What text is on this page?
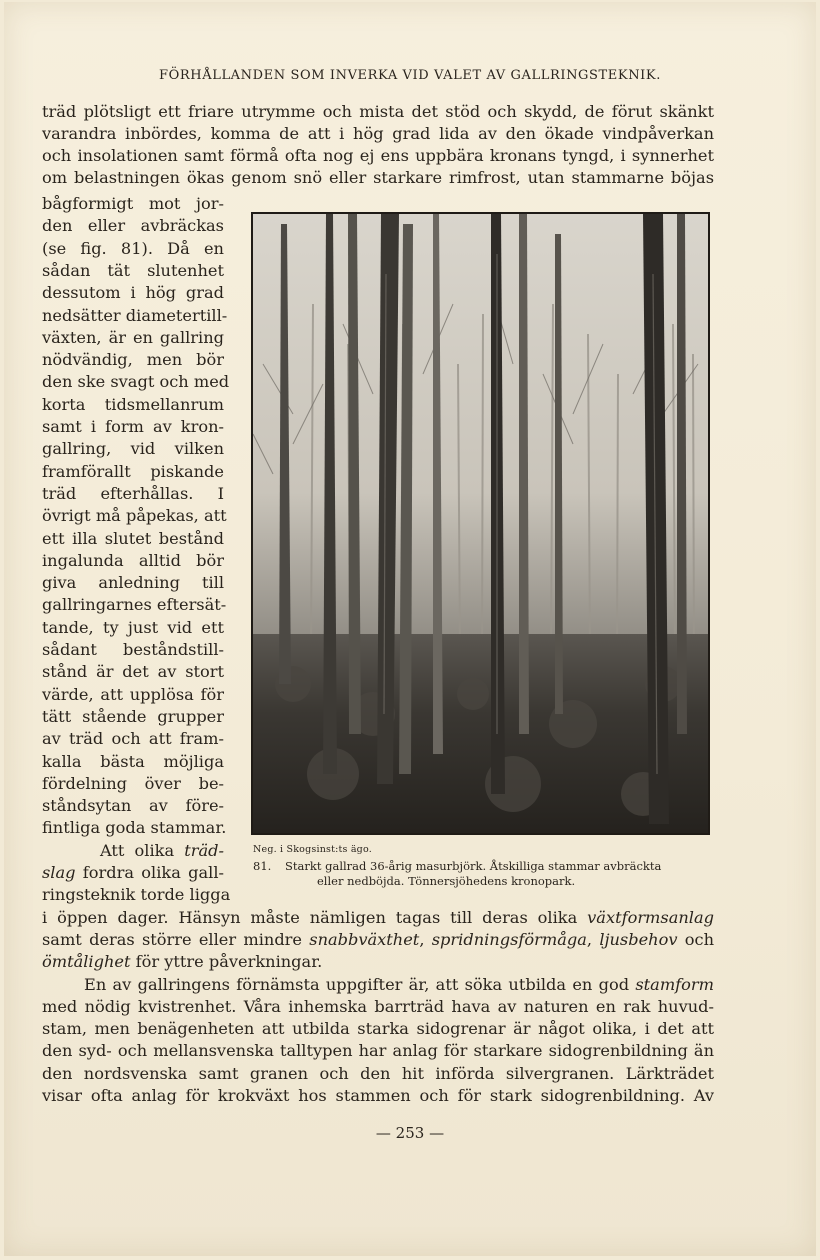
FÖRHÅLLANDEN SOM INVERKA VID VALET AV GALLRINGSTEKNIK.
träd plötsligt ett friare utrymme och mista det stöd och skydd, de förut skänkt
varandra inbördes, komma de att i hög grad lida av den ökade vindpåverkan
och insolationen samt förmå ofta nog ej ens uppbära kronans tyngd, i synnerhet
om belastningen ökas genom snö eller starkare rimfrost, utan stammarne böjas
bågformigt mot jor-
den eller avbräckas
(se fig. 81). Då en
sådan tät slutenhet
dessutom i hög grad
nedsätter diametertill-
växten, är en gallring
nödvändig, men bör
den ske svagt och med
korta tidsmellanrum
samt i form av kron-
gallring, vid vilken
framförallt piskande
träd efterhållas. I
övrigt må påpekas, att
ett illa slutet bestånd
ingalunda alltid bör
giva anledning till
gallringarnes eftersät-
tande, ty just vid ett
sådant beståndstill-
stånd är det av stort
värde, att upplösa för
tätt stående grupper
av träd och att fram-
kalla bästa möjliga
fördelning över be-
ståndsytan av före-
fintliga goda stammar.
Att olika träd-
slag fordra olika gall-
ringsteknik torde ligga
Neg. i Skogsinst:ts ägo.
81. Starkt gallrad 36-årig masurbjörk. Åtskilliga stammar avbräckta
eller nedböjda. Tönnersjöhedens kronopark.
i öppen dager. Hänsyn måste nämligen tagas till deras olika växtformsanlag
samt deras större eller mindre snabbväxthet, spridningsförmåga, ljusbehov och
ömtålighet för yttre påverkningar.
En av gallringens förnämsta uppgifter är, att söka utbilda en god stamform
med nödig kvistrenhet. Våra inhemska barrträd hava av naturen en rak huvud-
stam, men benägenheten att utbilda starka sidogrenar är något olika, i det att
den syd- och mellansvenska talltypen har anlag för starkare sidogrenbildning än
den nordsvenska samt granen och den hit införda silvergranen. Lärkträdet
visar ofta anlag för krokväxt hos stammen och för stark sidogrenbildning. Av
— 253 —
